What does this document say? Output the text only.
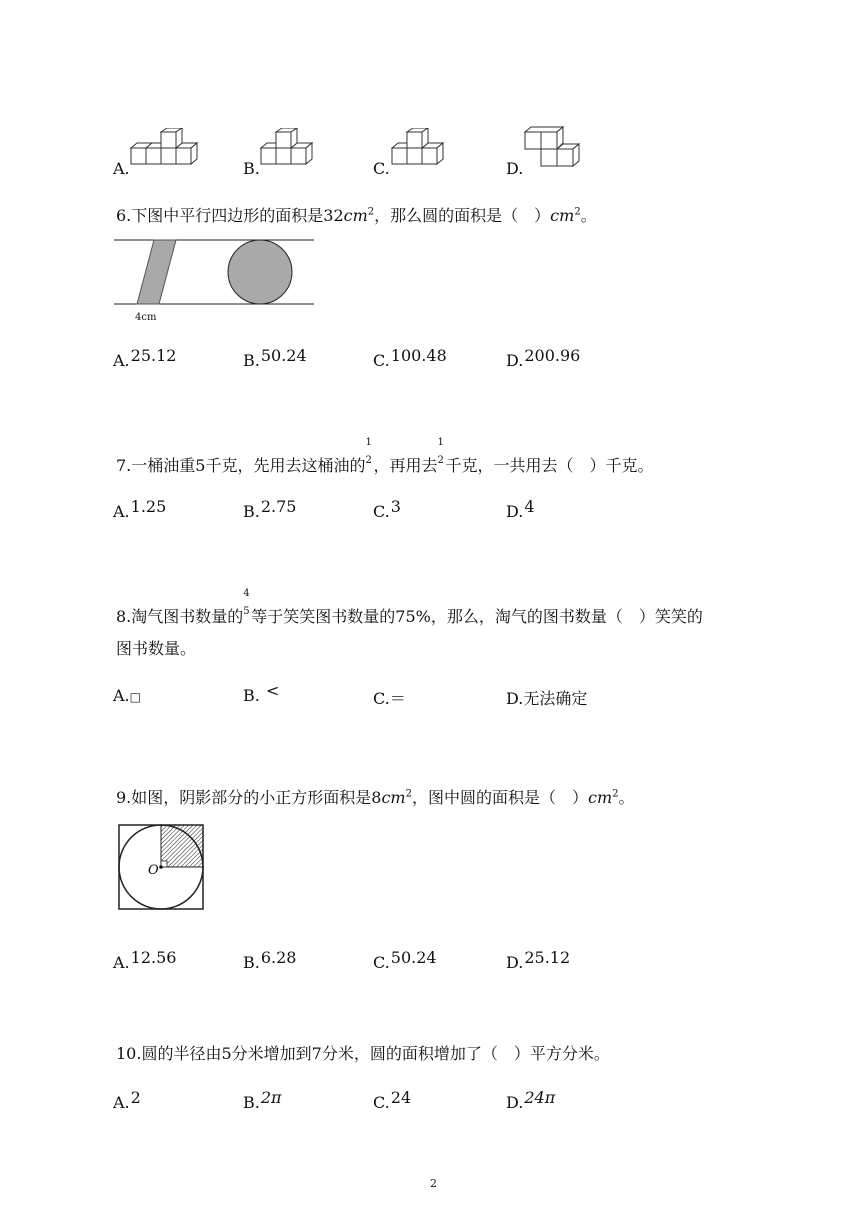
A.	B.	C.	D.
6.下图中平行四边形的面积是$32cm^2$，那么圆的面积是（　）$cm^2$。
4cm
A.25.12	B.50.24	C.100.48	D.200.96
7.一桶油重5千克，先用去这桶油的
1
2 ，再用去
1
2 千克，一共用去（　）千克。
A.1.25	B.2.75	C.3	D.4
8.淘气图书数量的
4
5 等于笑笑图书数量的75%，那么，淘气的图书数量（　）笑笑的
图书数量。
A.□	B. <	C.＝	D.无法确定
9.如图，阴影部分的小正方形面积是$8cm^2$，图中圆的面积是（　）$cm^2$。
O
A.12.56	B.6.28	C.50.24	D.25.12
10.圆的半径由5分米增加到7分米，圆的面积增加了（　）平方分米。
A.2	B.2π	C.24	D.24π
2
